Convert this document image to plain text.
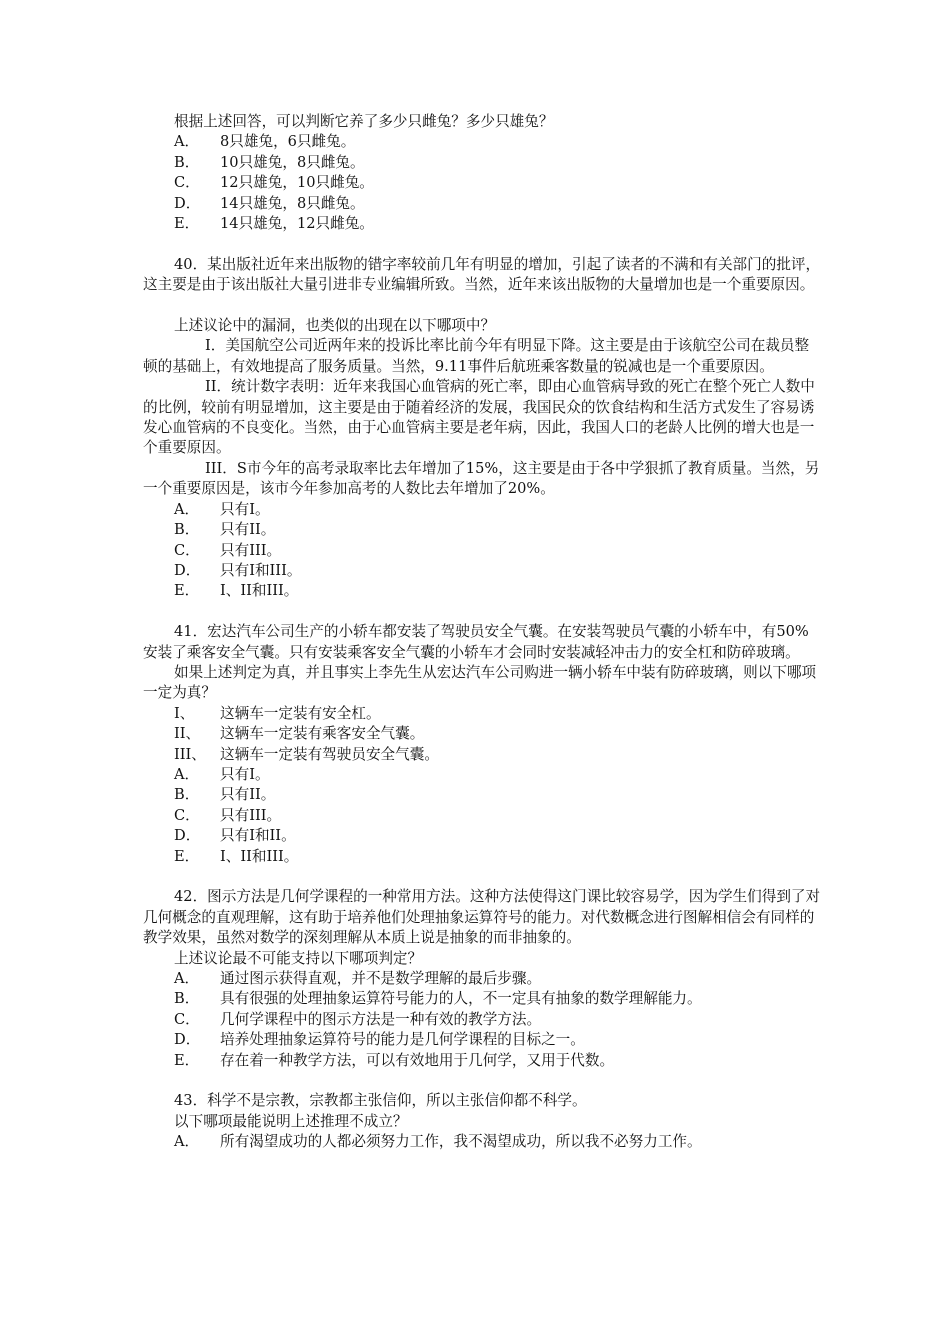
根据上述回答，可以判断它养了多少只雌兔？多少只雄兔？

A． 8只雄兔，6只雌兔。

B． 10只雄兔，8只雌兔。

C． 12只雄兔，10只雌兔。

D． 14只雄兔，8只雌兔。

E． 14只雄兔，12只雌兔。

40．某出版社近年来出版物的错字率较前几年有明显的增加，引起了读者的不满和有关部门的批评，这主要是由于该出版社大量引进非专业编辑所致。当然，近年来该出版物的大量增加也是一个重要原因。

上述议论中的漏洞，也类似的出现在以下哪项中？

I．美国航空公司近两年来的投诉比率比前今年有明显下降。这主要是由于该航空公司在裁员整顿的基础上，有效地提高了服务质量。当然，9.11事件后航班乘客数量的锐减也是一个重要原因。

II．统计数字表明：近年来我国心血管病的死亡率，即由心血管病导致的死亡在整个死亡人数中的比例，较前有明显增加，这主要是由于随着经济的发展，我国民众的饮食结构和生活方式发生了容易诱发心血管病的不良变化。当然，由于心血管病主要是老年病，因此，我国人口的老龄人比例的增大也是一个重要原因。

III．S市今年的高考录取率比去年增加了15%，这主要是由于各中学狠抓了教育质量。当然，另一个重要原因是，该市今年参加高考的人数比去年增加了20%。

A． 只有I。

B． 只有II。

C． 只有III。

D． 只有I和III。

E． I、II和III。

41．宏达汽车公司生产的小轿车都安装了驾驶员安全气囊。在安装驾驶员气囊的小轿车中，有50%安装了乘客安全气囊。只有安装乘客安全气囊的小轿车才会同时安装减轻冲击力的安全杠和防碎玻璃。

如果上述判定为真，并且事实上李先生从宏达汽车公司购进一辆小轿车中装有防碎玻璃，则以下哪项一定为真？

I、 这辆车一定装有安全杠。

II、 这辆车一定装有乘客安全气囊。

III、 这辆车一定装有驾驶员安全气囊。

A． 只有I。

B． 只有II。

C． 只有III。

D． 只有I和II。

E． I、II和III。

42．图示方法是几何学课程的一种常用方法。这种方法使得这门课比较容易学，因为学生们得到了对几何概念的直观理解，这有助于培养他们处理抽象运算符号的能力。对代数概念进行图解相信会有同样的教学效果，虽然对数学的深刻理解从本质上说是抽象的而非抽象的。

上述议论最不可能支持以下哪项判定？

A． 通过图示获得直观，并不是数学理解的最后步骤。

B． 具有很强的处理抽象运算符号能力的人，不一定具有抽象的数学理解能力。

C． 几何学课程中的图示方法是一种有效的教学方法。

D． 培养处理抽象运算符号的能力是几何学课程的目标之一。

E． 存在着一种教学方法，可以有效地用于几何学，又用于代数。

43．科学不是宗教，宗教都主张信仰，所以主张信仰都不科学。

以下哪项最能说明上述推理不成立？

A． 所有渴望成功的人都必须努力工作，我不渴望成功，所以我不必努力工作。
